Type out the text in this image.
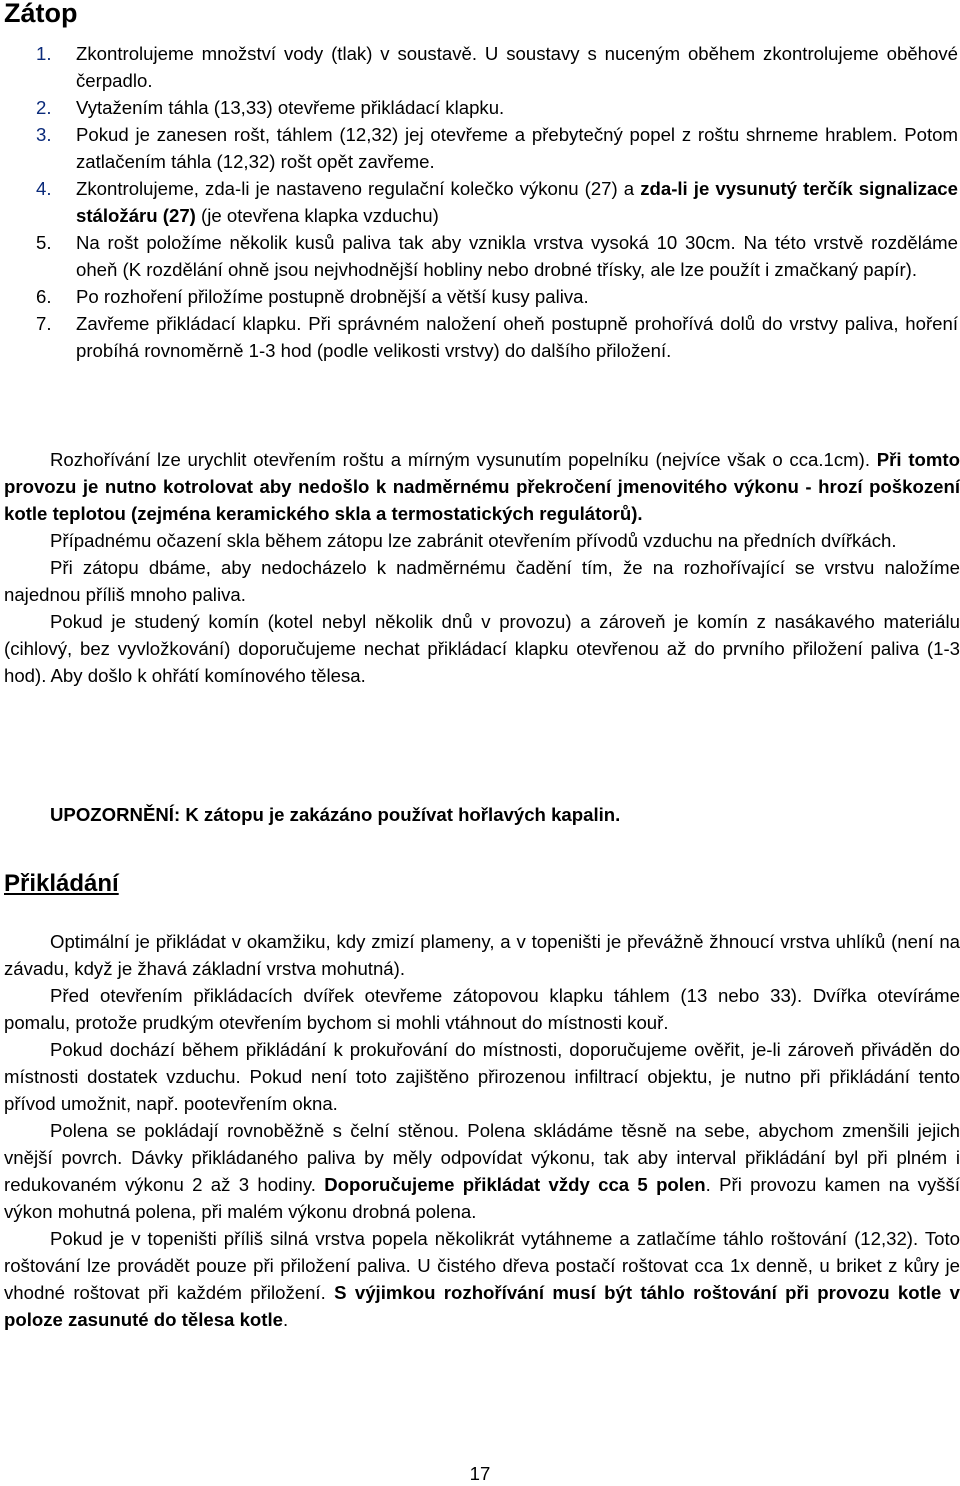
Zátop
1. Zkontrolujeme množství vody (tlak) v soustavě. U soustavy s nuceným oběhem zkontrolujeme oběhové čerpadlo.
2. Vytažením táhla (13,33) otevřeme přikládací klapku.
3. Pokud je zanesen rošt, táhlem (12,32) jej otevřeme a přebytečný popel z roštu shrneme hrablem. Potom zatlačením táhla (12,32) rošt opět zavřeme.
4. Zkontrolujeme, zda-li je nastaveno regulační kolečko výkonu (27) a zda-li je vysunutý terčík signalizace stáložáru (27) (je otevřena klapka vzduchu)
5. Na rošt položíme několik kusů paliva tak aby vznikla vrstva vysoká 10 30cm. Na této vrstvě rozděláme oheň (K rozdělání ohně jsou nejvhodnější hobliny nebo drobné třísky, ale lze použít i zmačkaný papír).
6. Po rozhoření přiložíme postupně drobnější a větší kusy paliva.
7. Zavřeme přikládací klapku. Při správném naložení oheň postupně prohořívá dolů do vrstvy paliva, hoření probíhá rovnoměrně 1-3 hod (podle velikosti vrstvy) do dalšího přiložení.

Rozhořívání lze urychlit otevřením roštu a mírným vysunutím popelníku (nejvíce však o cca.1cm). Při tomto provozu je nutno kotrolovat aby nedošlo k nadměrnému překročení jmenovitého výkonu - hrozí poškození kotle teplotou (zejména keramického skla a termostatických regulátorů).

Případnému očazení skla během zátopu lze zabránit otevřením přívodů vzduchu na předních dvířkách.

Při zátopu dbáme, aby nedocházelo k nadměrnému čadění tím, že na rozhořívající se vrstvu naložíme najednou příliš mnoho paliva.

Pokud je studený komín (kotel nebyl několik dnů v provozu) a zároveň je komín z nasákavého materiálu (cihlový, bez vyvložkování) doporučujeme nechat přikládací klapku otevřenou až do prvního přiložení paliva (1-3 hod). Aby došlo k ohřátí komínového tělesa.

UPOZORNĚNÍ: K zátopu je zakázáno používat hořlavých kapalin.
Přikládání

Optimální je přikládat v okamžiku, kdy zmizí plameny, a v topeništi je převážně žhnoucí vrstva uhlíků (není na závadu, když je žhavá základní vrstva mohutná).

Před otevřením přikládacích dvířek otevřeme zátopovou klapku táhlem (13 nebo 33). Dvířka otevíráme pomalu, protože prudkým otevřením bychom si mohli vtáhnout do místnosti kouř.

Pokud dochází během přikládání k prokuřování do místnosti, doporučujeme ověřit, je-li zároveň přiváděn do místnosti dostatek vzduchu. Pokud není toto zajištěno přirozenou infiltrací objektu, je nutno při přikládání tento přívod umožnit, např. pootevřením okna.

Polena se pokládají rovnoběžně s čelní stěnou. Polena skládáme těsně na sebe, abychom zmenšili jejich vnější povrch. Dávky přikládaného paliva by měly odpovídat výkonu, tak aby interval přikládání byl při plném i redukovaném výkonu 2 až 3 hodiny. Doporučujeme přikládat vždy cca 5 polen. Při provozu kamen na vyšší výkon mohutná polena, při malém výkonu drobná polena.

Pokud je v topeništi příliš silná vrstva popela několikrát vytáhneme a zatlačíme táhlo roštování (12,32). Toto roštování lze provádět pouze při přiložení paliva. U čistého dřeva postačí roštovat cca 1x denně, u briket z kůry je vhodné roštovat při každém přiložení. S výjimkou rozhořívání musí být táhlo roštování při provozu kotle v poloze zasunuté do tělesa kotle.

17
